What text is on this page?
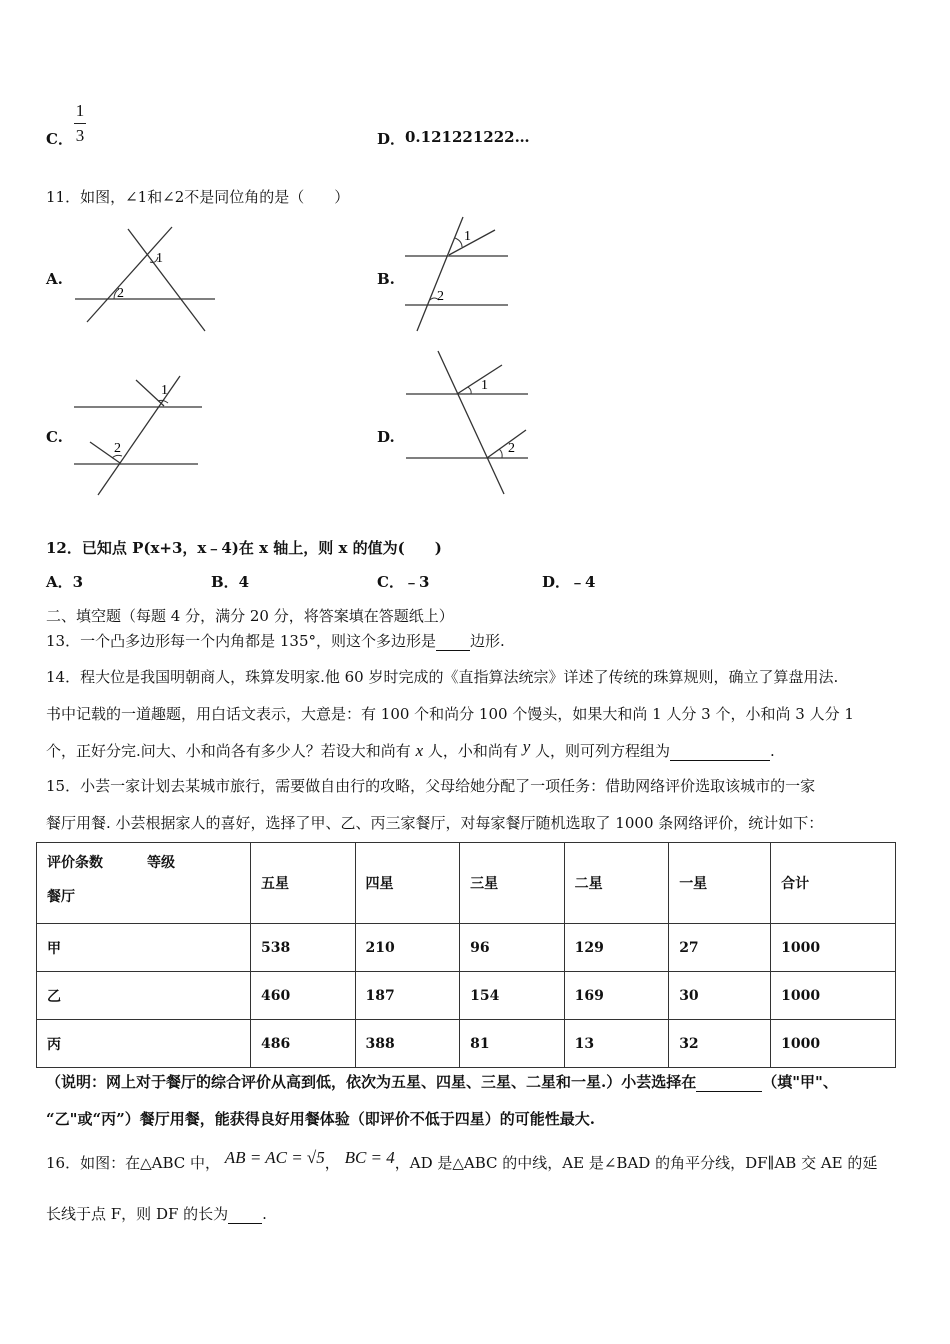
C．
1
3	D． 0.121221222…
11．如图，∠1和∠2不是同位角的是（　　）
A.
1
2
B.
1
2
C.
1
2
D.
1
2
12．已知点 P(x+3，x﹣4)在 x 轴上，则 x 的值为(　　)
A．3	B．4	C．﹣3	D．﹣4
二、填空题（每题 4 分，满分 20 分，将答案填在答题纸上）
13．一个凸多边形每一个内角都是 135°，则这个多边形是 边形.
14．程大位是我国明朝商人，珠算发明家.他 60 岁时完成的《直指算法统宗》详述了传统的珠算规则，确立了算盘用法.
书中记载的一道趣题，用白话文表示，大意是：有 100 个和尚分 100 个馒头，如果大和尚 1 人分 3 个，小和尚 3 人分 1
个，正好分完.问大、小和尚各有多少人？若设大和尚有 x 人，小和尚有 y 人，则可列方程组为	.
15．小芸一家计划去某城市旅行，需要做自由行的攻略，父母给她分配了一项任务：借助网络评价选取该城市的一家
餐厅用餐. 小芸根据家人的喜好，选择了甲、乙、丙三家餐厅，对每家餐厅随机选取了 1000 条网络评价，统计如下：
评价条数 等级
餐厅	五星	四星	三星	二星	一星	合计
甲	538	210	96	129	27	1000
乙	460	187	154	169	30	1000
丙	486	388	81	13	32	1000
（说明：网上对于餐厅的综合评价从高到低，依次为五星、四星、三星、二星和一星.）小芸选择在	（填"甲"、
“乙"或“丙”）餐厅用餐，能获得良好用餐体验（即评价不低于四星）的可能性最大.
16．如图：在△ABC 中， AB = AC = √5， BC = 4，AD 是△ABC 的中线，AE 是∠BAD 的角平分线，DF∥AB 交 AE 的延
长线于点 F，则 DF 的长为 .
